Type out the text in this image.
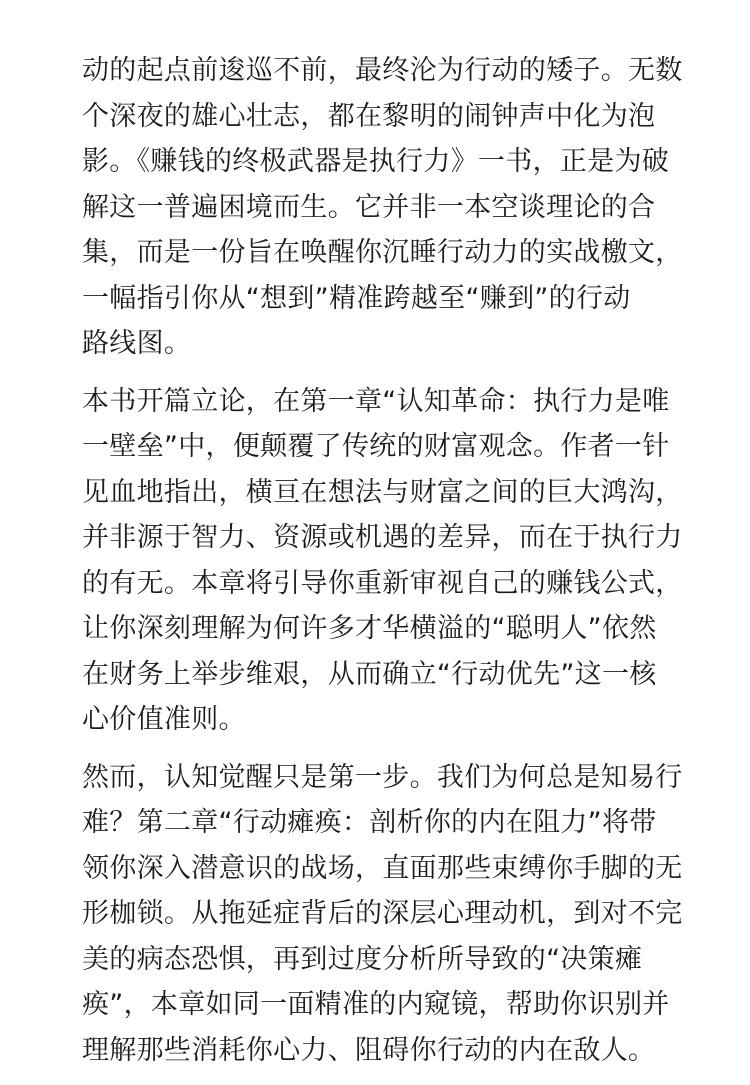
动的起点前逡巡不前，最终沦为行动的矮子。无数
个深夜的雄心壮志，都在黎明的闹钟声中化为泡
影。《赚钱的终极武器是执行力》一书，正是为破
解这一普遍困境而生。它并非一本空谈理论的合
集，而是一份旨在唤醒你沉睡行动力的实战檄文，
一幅指引你从“想到”精准跨越至“赚到”的行动
路线图。
本书开篇立论，在第一章“认知革命：执行力是唯
一壁垒”中，便颠覆了传统的财富观念。作者一针
见血地指出，横亘在想法与财富之间的巨大鸿沟，
并非源于智力、资源或机遇的差异，而在于执行力
的有无。本章将引导你重新审视自己的赚钱公式，
让你深刻理解为何许多才华横溢的“聪明人”依然
在财务上举步维艰，从而确立“行动优先”这一核
心价值准则。
然而，认知觉醒只是第一步。我们为何总是知易行
难？第二章“行动瘫痪：剖析你的内在阻力”将带
领你深入潜意识的战场，直面那些束缚你手脚的无
形枷锁。从拖延症背后的深层心理动机，到对不完
美的病态恐惧，再到过度分析所导致的“决策瘫
痪”，本章如同一面精准的内窥镜，帮助你识别并
理解那些消耗你心力、阻碍你行动的内在敌人。
